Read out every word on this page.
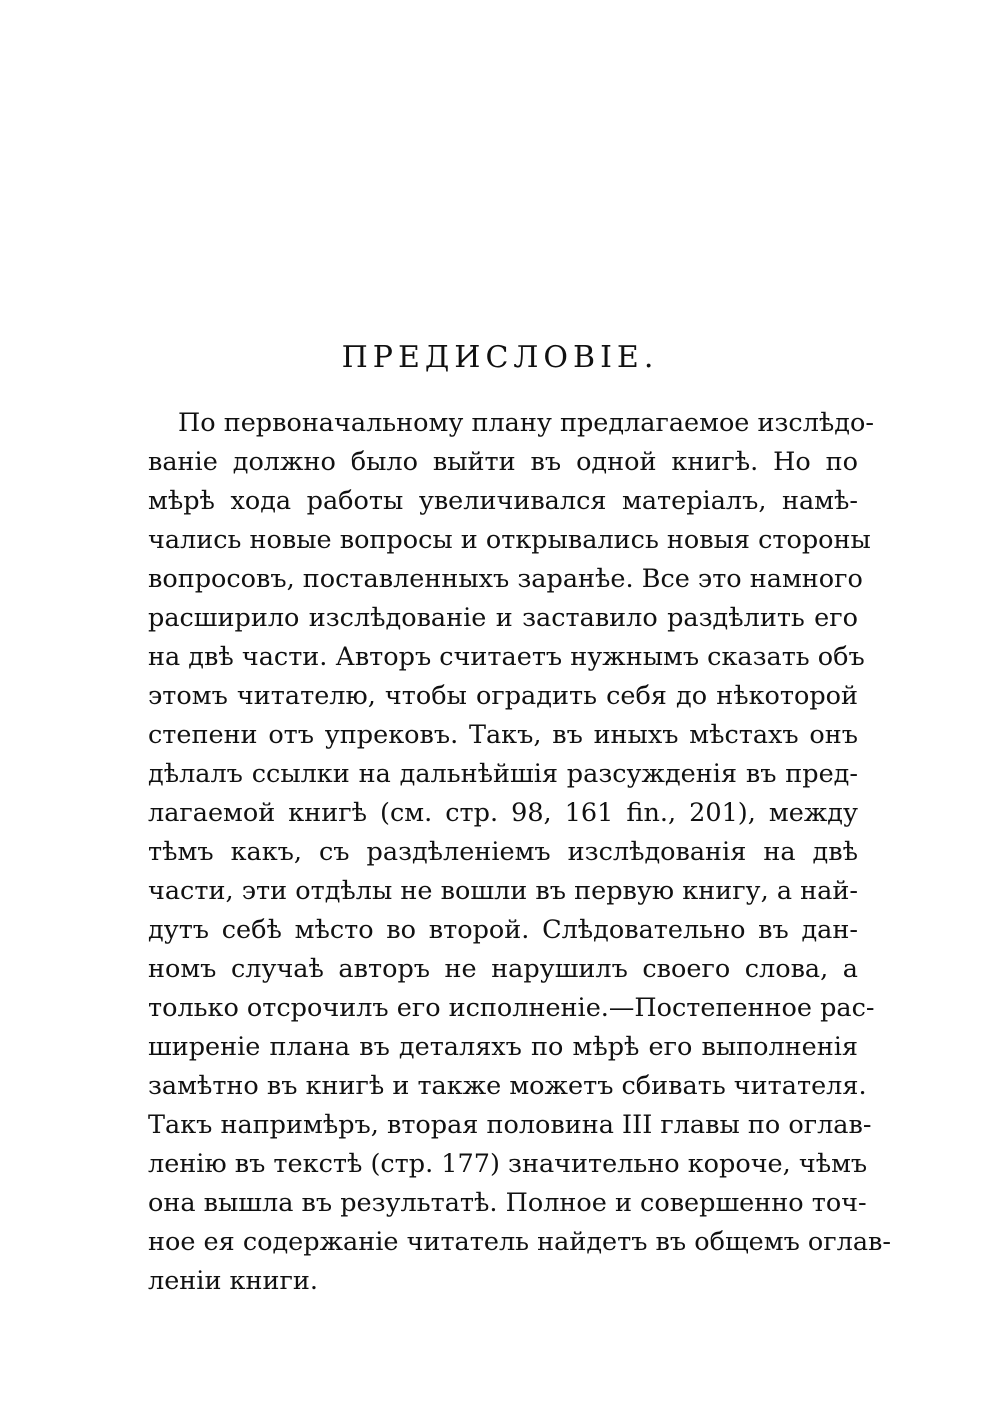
ПРЕДИСЛОВІЕ.
По первоначальному плану предлагаемое изслѣдо-
ваніе должно было выйти въ одной книгѣ. Но по
мѣрѣ хода работы увеличивался матеріалъ, намѣ-
чались новые вопросы и открывались новыя стороны
вопросовъ, поставленныхъ заранѣе. Все это намного
расширило изслѣдованіе и заставило раздѣлить его
на двѣ части. Авторъ считаетъ нужнымъ сказать объ
этомъ читателю, чтобы оградить себя до нѣкоторой
степени отъ упрековъ. Такъ, въ иныхъ мѣстахъ онъ
дѣлалъ ссылки на дальнѣйшія разсужденія въ пред-
лагаемой книгѣ (см. стр. 98, 161 fin., 201), между
тѣмъ какъ, съ раздѣленіемъ изслѣдованія на двѣ
части, эти отдѣлы не вошли въ первую книгу, а най-
дутъ себѣ мѣсто во второй. Слѣдовательно въ дан-
номъ случаѣ авторъ не нарушилъ своего слова, а
только отсрочилъ его исполненіе.—Постепенное рас-
ширеніе плана въ деталяхъ по мѣрѣ его выполненія
замѣтно въ книгѣ и также можетъ сбивать читателя.
Такъ напримѣръ, вторая половина III главы по оглав-
ленію въ текстѣ (стр. 177) значительно короче, чѣмъ
она вышла въ результатѣ. Полное и совершенно точ-
ное ея содержаніе читатель найдетъ въ общемъ оглав-
леніи книги.
